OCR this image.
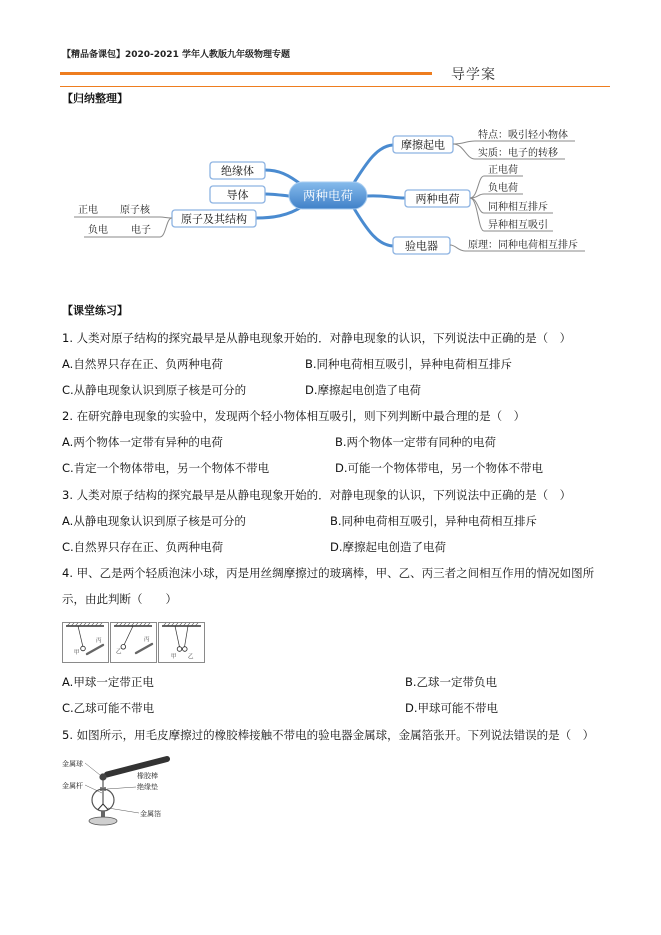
【精品备课包】2020-2021 学年人教版九年级物理专题
导学案
【归纳整理】
两种电荷
绝缘体
导体
原子及其结构
摩擦起电
两种电荷
验电器
特点：吸引轻小物体
实质：电子的转移
正电荷
负电荷
同种相互排斥
异种相互吸引
原理：同种电荷相互排斥
正电 原子核
负电 电子
【课堂练习】
1. 人类对原子结构的探究最早是从静电现象开始的．对静电现象的认识，下列说法中正确的是（　）
A.自然界只存在正、负两种电荷	B.同种电荷相互吸引，异种电荷相互排斥
C.从静电现象认识到原子核是可分的	D.摩擦起电创造了电荷
2. 在研究静电现象的实验中，发现两个轻小物体相互吸引，则下列判断中最合理的是（　）
A.两个物体一定带有异种的电荷	B.两个物体一定带有同种的电荷
C.肯定一个物体带电，另一个物体不带电	D.可能一个物体带电，另一个物体不带电
3. 人类对原子结构的探究最早是从静电现象开始的．对静电现象的认识，下列说法中正确的是（　）
A.从静电现象认识到原子核是可分的	B.同种电荷相互吸引，异种电荷相互排斥
C.自然界只存在正、负两种电荷	D.摩擦起电创造了电荷
4. 甲、乙是两个轻质泡沫小球，丙是用丝绸摩擦过的玻璃棒，甲、乙、丙三者之间相互作用的情况如图所
示，由此判断（　　）
甲
丙
乙
丙
甲 乙
A.甲球一定带正电	B.乙球一定带负电
C.乙球可能不带电	D.甲球可能不带电
5. 如图所示，用毛皮摩擦过的橡胶棒接触不带电的验电器金属球，金属箔张开。下列说法错误的是（　）
金属球
金属杆
橡胶棒
绝缘垫
金属箔
